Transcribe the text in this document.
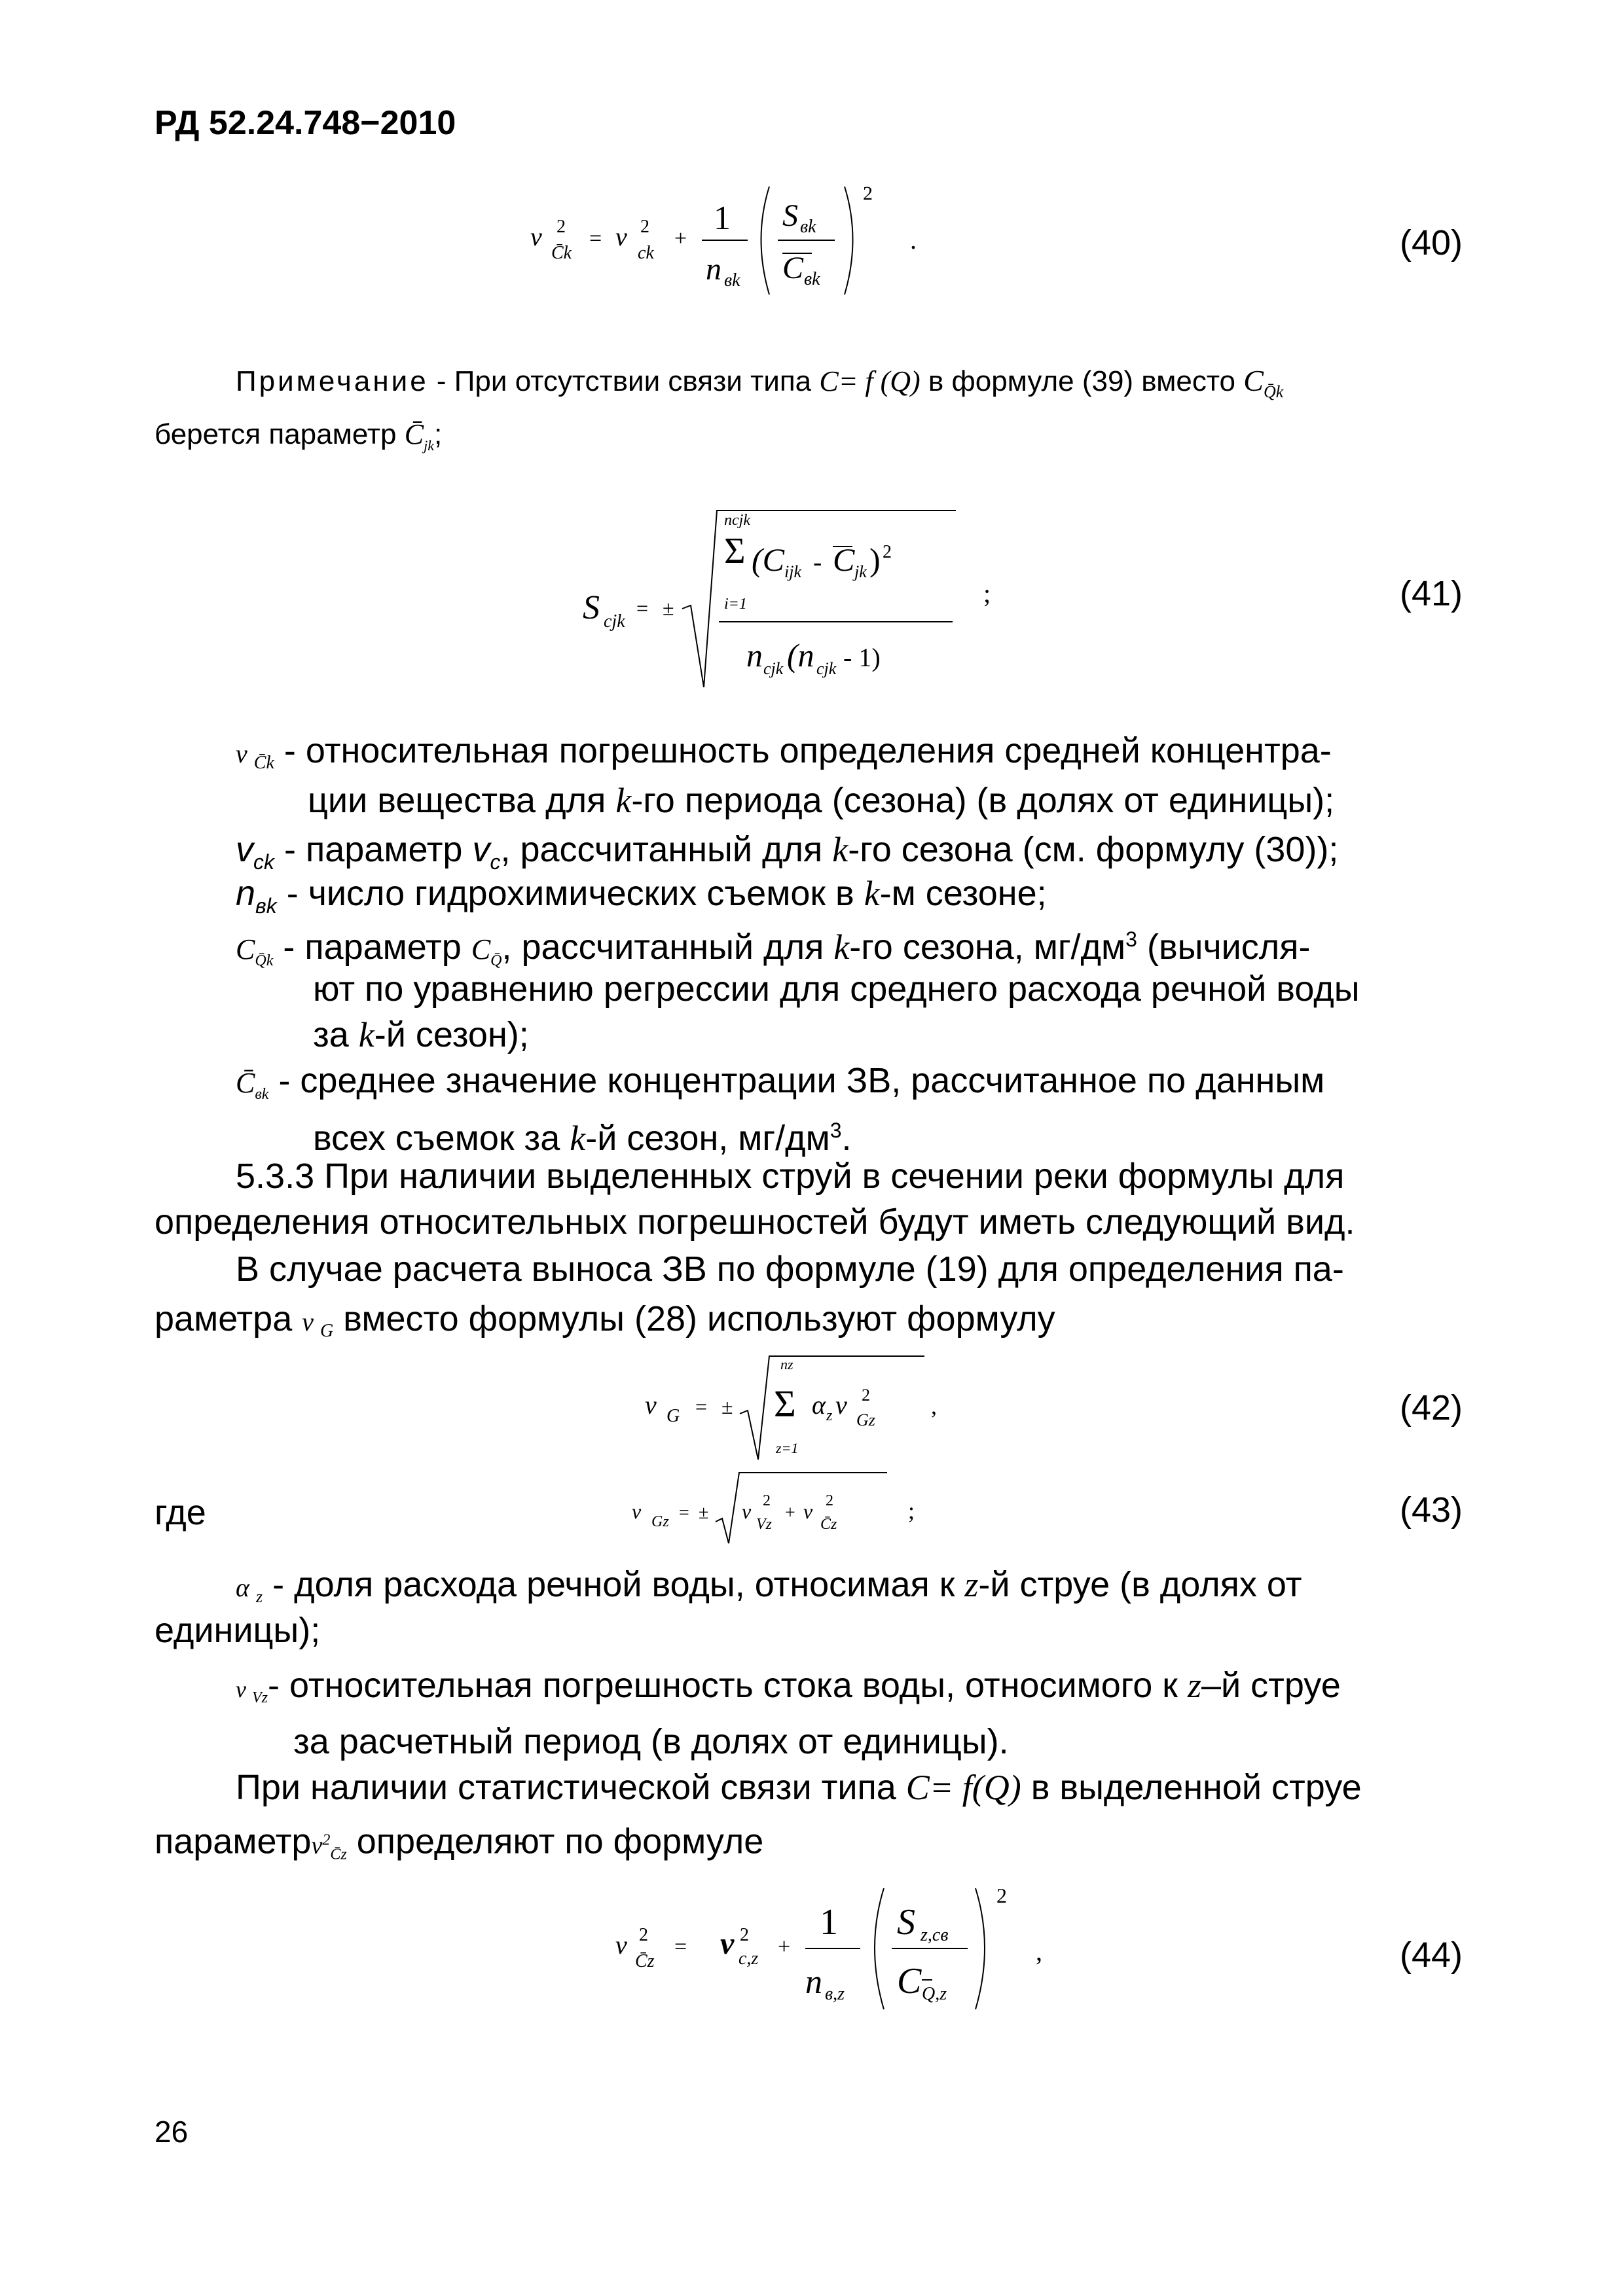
РД 52.24.748−2010
v 2
C̄k
= v 2
ck
+
1
n вk
S вk
C вk
2
.	(40)
Примечание - При отсутствии связи типа C= f (Q) в формуле (39) вместо $C_{Q̄k}$
берется параметр $C̄_{jk}$;
S cjk
= ±
ncjk
Σ
i=1
(C ijk - C jk ) 2
n cjk (n cjk - 1)
;	(41)
v $_{C̄k}$ - относительная погрешность определения средней концентра-
ции вещества для k-го периода (сезона) (в долях от единицы);
$v_{ck}$ - параметр $v_c$, рассчитанный для k-го сезона (см. формулу (30));
$n_{вk}$ - число гидрохимических съемок в k-м сезоне;
$C_{Q̄k}$ - параметр $C_{Q̄}$, рассчитанный для k-го сезона, $мг/дм^3$ (вычисля-
ют по уравнению регрессии для среднего расхода речной воды
за k-й сезон);
$C̄_{вk}$ - среднее значение концентрации ЗВ, рассчитанное по данным
всех съемок за k-й сезон, $мг/дм^3$.
5.3.3 При наличии выделенных струй в сечении реки формулы для
определения относительных погрешностей будут иметь следующий вид.
В случае расчета выноса ЗВ по формуле (19) для определения па-
раметра v $_G$ вместо формулы (28) используют формулу
v G = ±
nz
Σ
z=1
α z v 2
Gz
,	(42)
где	v Gz = ± v 2
Vz
+ v 2
C̄z
;	(43)
α $_z$ - доля расхода речной воды, относимая к z-й струе (в долях от
единицы);
v $_{Vz}$- относительная погрешность стока воды, относимого к z–й струе
за расчетный период (в долях от единицы).
При наличии статистической связи типа C= f(Q) в выделенной струе
параметрv$^2_{C̄z}$ определяют по формуле
v 2
C̄z
= v 2
c,z +
1
n в,z
S z,cв
C Q,z
2
,	(44)
26
